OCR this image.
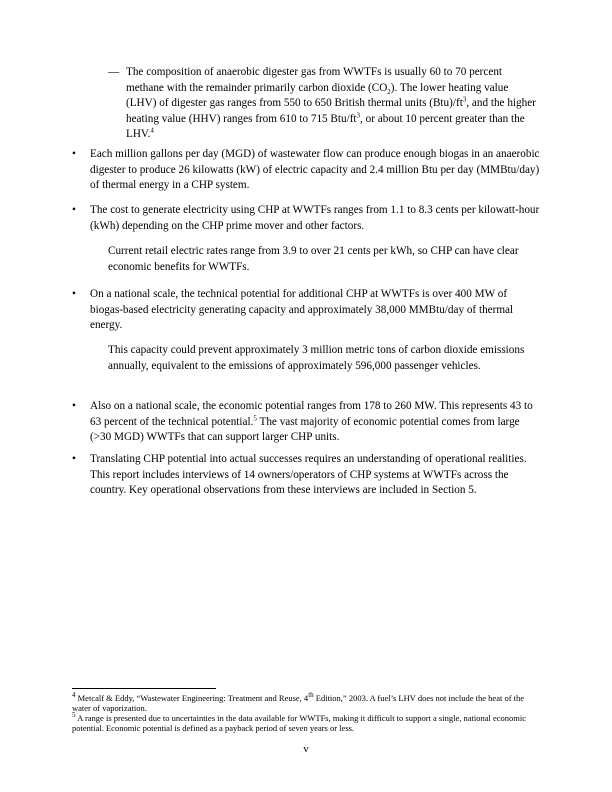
— The composition of anaerobic digester gas from WWTFs is usually 60 to 70 percent methane with the remainder primarily carbon dioxide $(CO_2)$. The lower heating value (LHV) of digester gas ranges from 550 to 650 British thermal units $(Btu)/ft^3$, and the higher heating value (HHV) ranges from 610 to 715 Btu/$ft^3$, or about 10 percent greater than the LHV.$^4$
• Each million gallons per day (MGD) of wastewater flow can produce enough biogas in an anaerobic digester to produce 26 kilowatts (kW) of electric capacity and 2.4 million Btu per day (MMBtu/day) of thermal energy in a CHP system.
• The cost to generate electricity using CHP at WWTFs ranges from 1.1 to 8.3 cents per kilowatt-hour (kWh) depending on the CHP prime mover and other factors.
Current retail electric rates range from 3.9 to over 21 cents per kWh, so CHP can have clear economic benefits for WWTFs.
• On a national scale, the technical potential for additional CHP at WWTFs is over 400 MW of biogas-based electricity generating capacity and approximately 38,000 MMBtu/day of thermal energy.
This capacity could prevent approximately 3 million metric tons of carbon dioxide emissions annually, equivalent to the emissions of approximately 596,000 passenger vehicles.
• Also on a national scale, the economic potential ranges from 178 to 260 MW. This represents 43 to 63 percent of the technical potential.$^5$ The vast majority of economic potential comes from large (>30 MGD) WWTFs that can support larger CHP units.
• Translating CHP potential into actual successes requires an understanding of operational realities. This report includes interviews of 14 owners/operators of CHP systems at WWTFs across the country. Key operational observations from these interviews are included in Section 5.

$^4$ Metcalf & Eddy, “Wastewater Engineering: Treatment and Reuse, 4th Edition,” 2003. A fuel’s LHV does not include the heat of the water of vaporization.

$^5$ A range is presented due to uncertainties in the data available for WWTFs, making it difficult to support a single, national economic potential. Economic potential is defined as a payback period of seven years or less.

v
